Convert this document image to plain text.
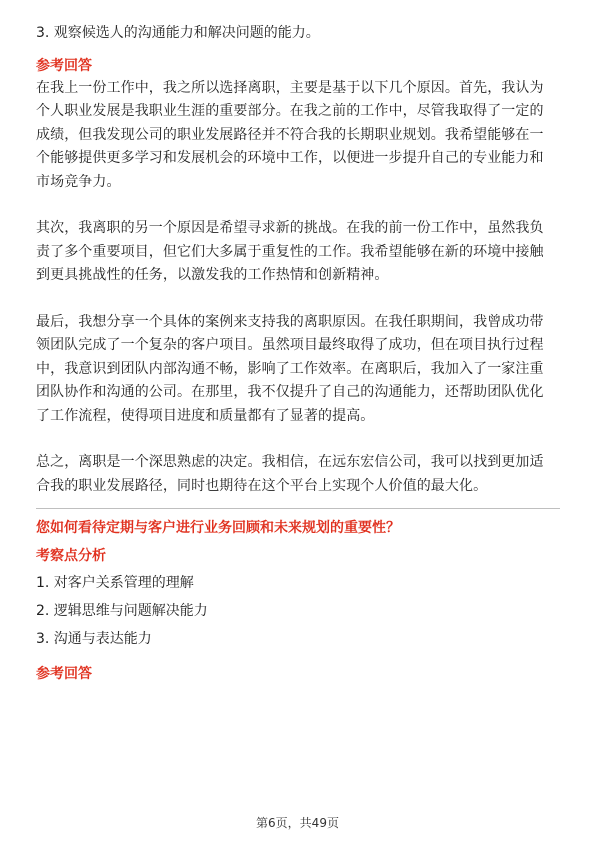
3. 观察候选人的沟通能力和解决问题的能力。

参考回答

在我上一份工作中，我之所以选择离职，主要是基于以下几个原因。首先，我认为
个人职业发展是我职业生涯的重要部分。在我之前的工作中，尽管我取得了一定的
成绩，但我发现公司的职业发展路径并不符合我的长期职业规划。我希望能够在一
个能够提供更多学习和发展机会的环境中工作，以便进一步提升自己的专业能力和
市场竞争力。

其次，我离职的另一个原因是希望寻求新的挑战。在我的前一份工作中，虽然我负
责了多个重要项目，但它们大多属于重复性的工作。我希望能够在新的环境中接触
到更具挑战性的任务，以激发我的工作热情和创新精神。

最后，我想分享一个具体的案例来支持我的离职原因。在我任职期间，我曾成功带
领团队完成了一个复杂的客户项目。虽然项目最终取得了成功，但在项目执行过程
中，我意识到团队内部沟通不畅，影响了工作效率。在离职后，我加入了一家注重
团队协作和沟通的公司。在那里，我不仅提升了自己的沟通能力，还帮助团队优化
了工作流程，使得项目进度和质量都有了显著的提高。

总之，离职是一个深思熟虑的决定。我相信，在远东宏信公司，我可以找到更加适
合我的职业发展路径，同时也期待在这个平台上实现个人价值的最大化。

您如何看待定期与客户进行业务回顾和未来规划的重要性？

考察点分析

1. 对客户关系管理的理解

2. 逻辑思维与问题解决能力

3. 沟通与表达能力

参考回答

第6页，共49页
